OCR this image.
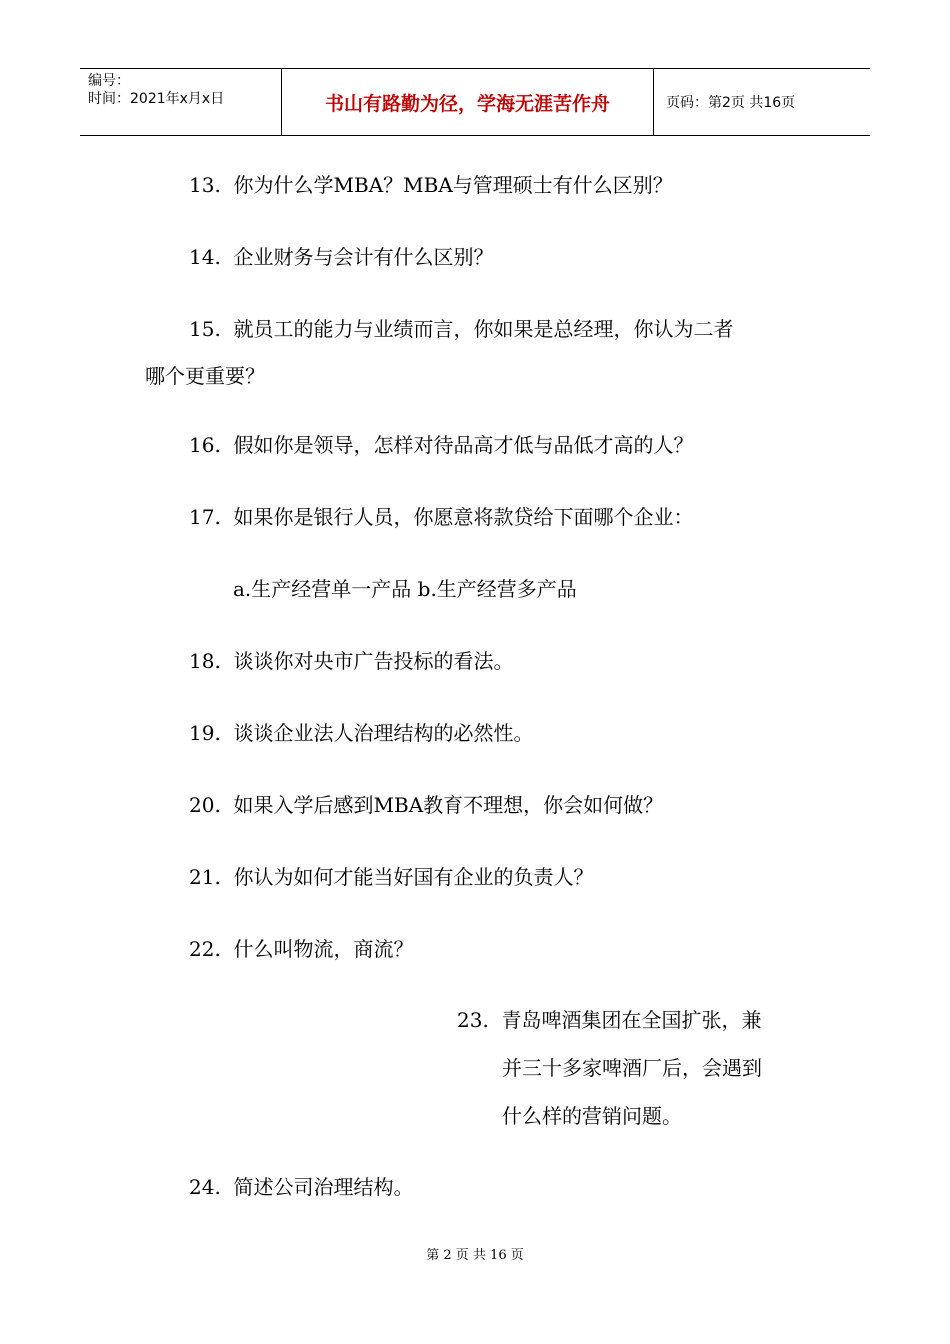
编号：
时间：2021年x月x日	书山有路勤为径，学海无涯苦作舟	页码：第2页 共16页
13. 你为什么学MBA？MBA与管理硕士有什么区别？
14. 企业财务与会计有什么区别？
15. 就员工的能力与业绩而言，你如果是总经理，你认为二者
哪个更重要？
16. 假如你是领导，怎样对待品高才低与品低才高的人？
17. 如果你是银行人员，你愿意将款贷给下面哪个企业：
a.生产经营单一产品 b.生产经营多产品
18. 谈谈你对央市广告投标的看法。
19. 谈谈企业法人治理结构的必然性。
20. 如果入学后感到MBA教育不理想，你会如何做？
21. 你认为如何才能当好国有企业的负责人？
22. 什么叫物流，商流？
23. 青岛啤酒集团在全国扩张，兼
并三十多家啤酒厂后，会遇到
什么样的营销问题。
24. 简述公司治理结构。
第 2 页 共 16 页
